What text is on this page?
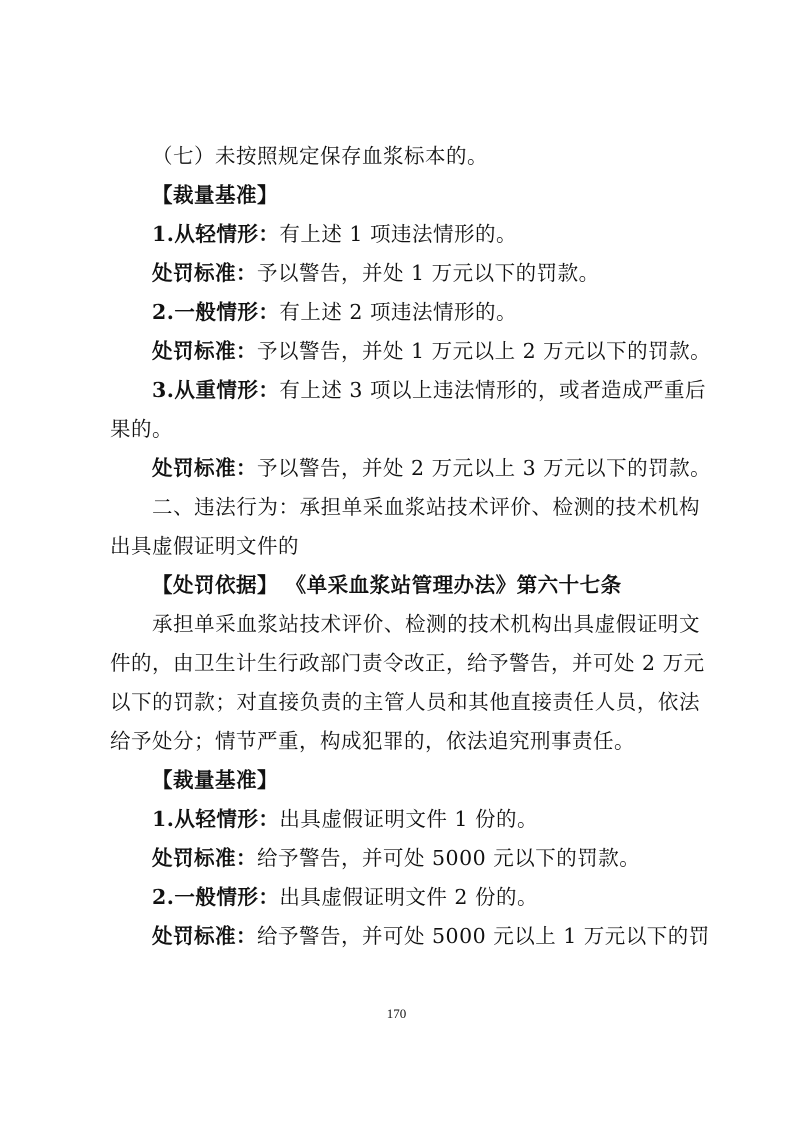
（七）未按照规定保存血浆标本的。
【裁量基准】
1.从轻情形：有上述 1 项违法情形的。
处罚标准：予以警告，并处 1 万元以下的罚款。
2.一般情形：有上述 2 项违法情形的。
处罚标准：予以警告，并处 1 万元以上 2 万元以下的罚款。
3.从重情形：有上述 3 项以上违法情形的，或者造成严重后
果的。
处罚标准：予以警告，并处 2 万元以上 3 万元以下的罚款。
二、违法行为：承担单采血浆站技术评价、检测的技术机构
出具虚假证明文件的
【处罚依据】 《单采血浆站管理办法》第六十七条
承担单采血浆站技术评价、检测的技术机构出具虚假证明文
件的，由卫生计生行政部门责令改正，给予警告，并可处 2 万元
以下的罚款；对直接负责的主管人员和其他直接责任人员，依法
给予处分；情节严重，构成犯罪的，依法追究刑事责任。
【裁量基准】
1.从轻情形：出具虚假证明文件 1 份的。
处罚标准：给予警告，并可处 5000 元以下的罚款。
2.一般情形：出具虚假证明文件 2 份的。
处罚标准：给予警告，并可处 5000 元以上 1 万元以下的罚
170
